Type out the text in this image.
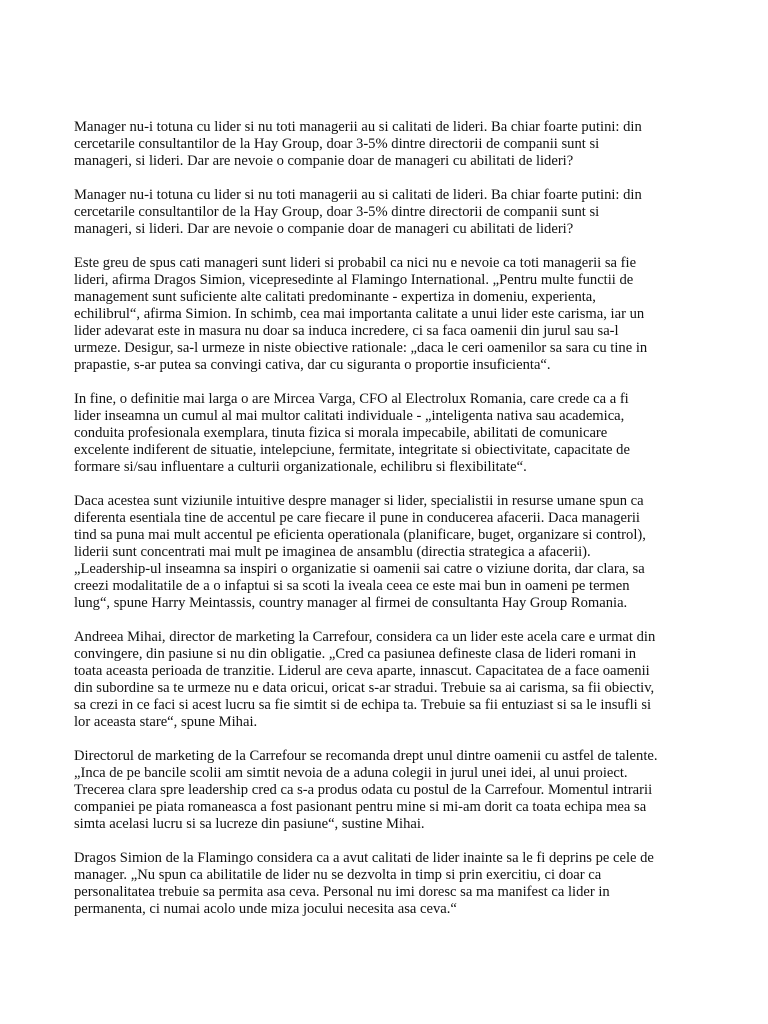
Manager nu-i totuna cu lider si nu toti managerii au si calitati de lideri. Ba chiar foarte putini: din
cercetarile consultantilor de la Hay Group, doar 3-5% dintre directorii de companii sunt si
manageri, si lideri. Dar are nevoie o companie doar de manageri cu abilitati de lideri?
Manager nu-i totuna cu lider si nu toti managerii au si calitati de lideri. Ba chiar foarte putini: din
cercetarile consultantilor de la Hay Group, doar 3-5% dintre directorii de companii sunt si
manageri, si lideri. Dar are nevoie o companie doar de manageri cu abilitati de lideri?
Este greu de spus cati manageri sunt lideri si probabil ca nici nu e nevoie ca toti managerii sa fie
lideri, afirma Dragos Simion, vicepresedinte al Flamingo International. „Pentru multe functii de
management sunt suficiente alte calitati predominante - expertiza in domeniu, experienta,
echilibrul“, afirma Simion. In schimb, cea mai importanta calitate a unui lider este carisma, iar un
lider adevarat este in masura nu doar sa induca incredere, ci sa faca oamenii din jurul sau sa-l
urmeze. Desigur, sa-l urmeze in niste obiective rationale: „daca le ceri oamenilor sa sara cu tine in
prapastie, s-ar putea sa convingi cativa, dar cu siguranta o proportie insuficienta“.
In fine, o definitie mai larga o are Mircea Varga, CFO al Electrolux Romania, care crede ca a fi
lider inseamna un cumul al mai multor calitati individuale - „inteligenta nativa sau academica,
conduita profesionala exemplara, tinuta fizica si morala impecabile, abilitati de comunicare
excelente indiferent de situatie, intelepciune, fermitate, integritate si obiectivitate, capacitate de
formare si/sau influentare a culturii organizationale, echilibru si flexibilitate“.
Daca acestea sunt viziunile intuitive despre manager si lider, specialistii in resurse umane spun ca
diferenta esentiala tine de accentul pe care fiecare il pune in conducerea afacerii. Daca managerii
tind sa puna mai mult accentul pe eficienta operationala (planificare, buget, organizare si control),
liderii sunt concentrati mai mult pe imaginea de ansamblu (directia strategica a afacerii).
„Leadership-ul inseamna sa inspiri o organizatie si oamenii sai catre o viziune dorita, dar clara, sa
creezi modalitatile de a o infaptui si sa scoti la iveala ceea ce este mai bun in oameni pe termen
lung“, spune Harry Meintassis, country manager al firmei de consultanta Hay Group Romania.
Andreea Mihai, director de marketing la Carrefour, considera ca un lider este acela care e urmat din
convingere, din pasiune si nu din obligatie. „Cred ca pasiunea defineste clasa de lideri romani in
toata aceasta perioada de tranzitie. Liderul are ceva aparte, innascut. Capacitatea de a face oamenii
din subordine sa te urmeze nu e data oricui, oricat s-ar stradui. Trebuie sa ai carisma, sa fii obiectiv,
sa crezi in ce faci si acest lucru sa fie simtit si de echipa ta. Trebuie sa fii entuziast si sa le insufli si
lor aceasta stare“, spune Mihai.
Directorul de marketing de la Carrefour se recomanda drept unul dintre oamenii cu astfel de talente.
„Inca de pe bancile scolii am simtit nevoia de a aduna colegii in jurul unei idei, al unui proiect.
Trecerea clara spre leadership cred ca s-a produs odata cu postul de la Carrefour. Momentul intrarii
companiei pe piata romaneasca a fost pasionant pentru mine si mi-am dorit ca toata echipa mea sa
simta acelasi lucru si sa lucreze din pasiune“, sustine Mihai.
Dragos Simion de la Flamingo considera ca a avut calitati de lider inainte sa le fi deprins pe cele de
manager. „Nu spun ca abilitatile de lider nu se dezvolta in timp si prin exercitiu, ci doar ca
personalitatea trebuie sa permita asa ceva. Personal nu imi doresc sa ma manifest ca lider in
permanenta, ci numai acolo unde miza jocului necesita asa ceva.“
